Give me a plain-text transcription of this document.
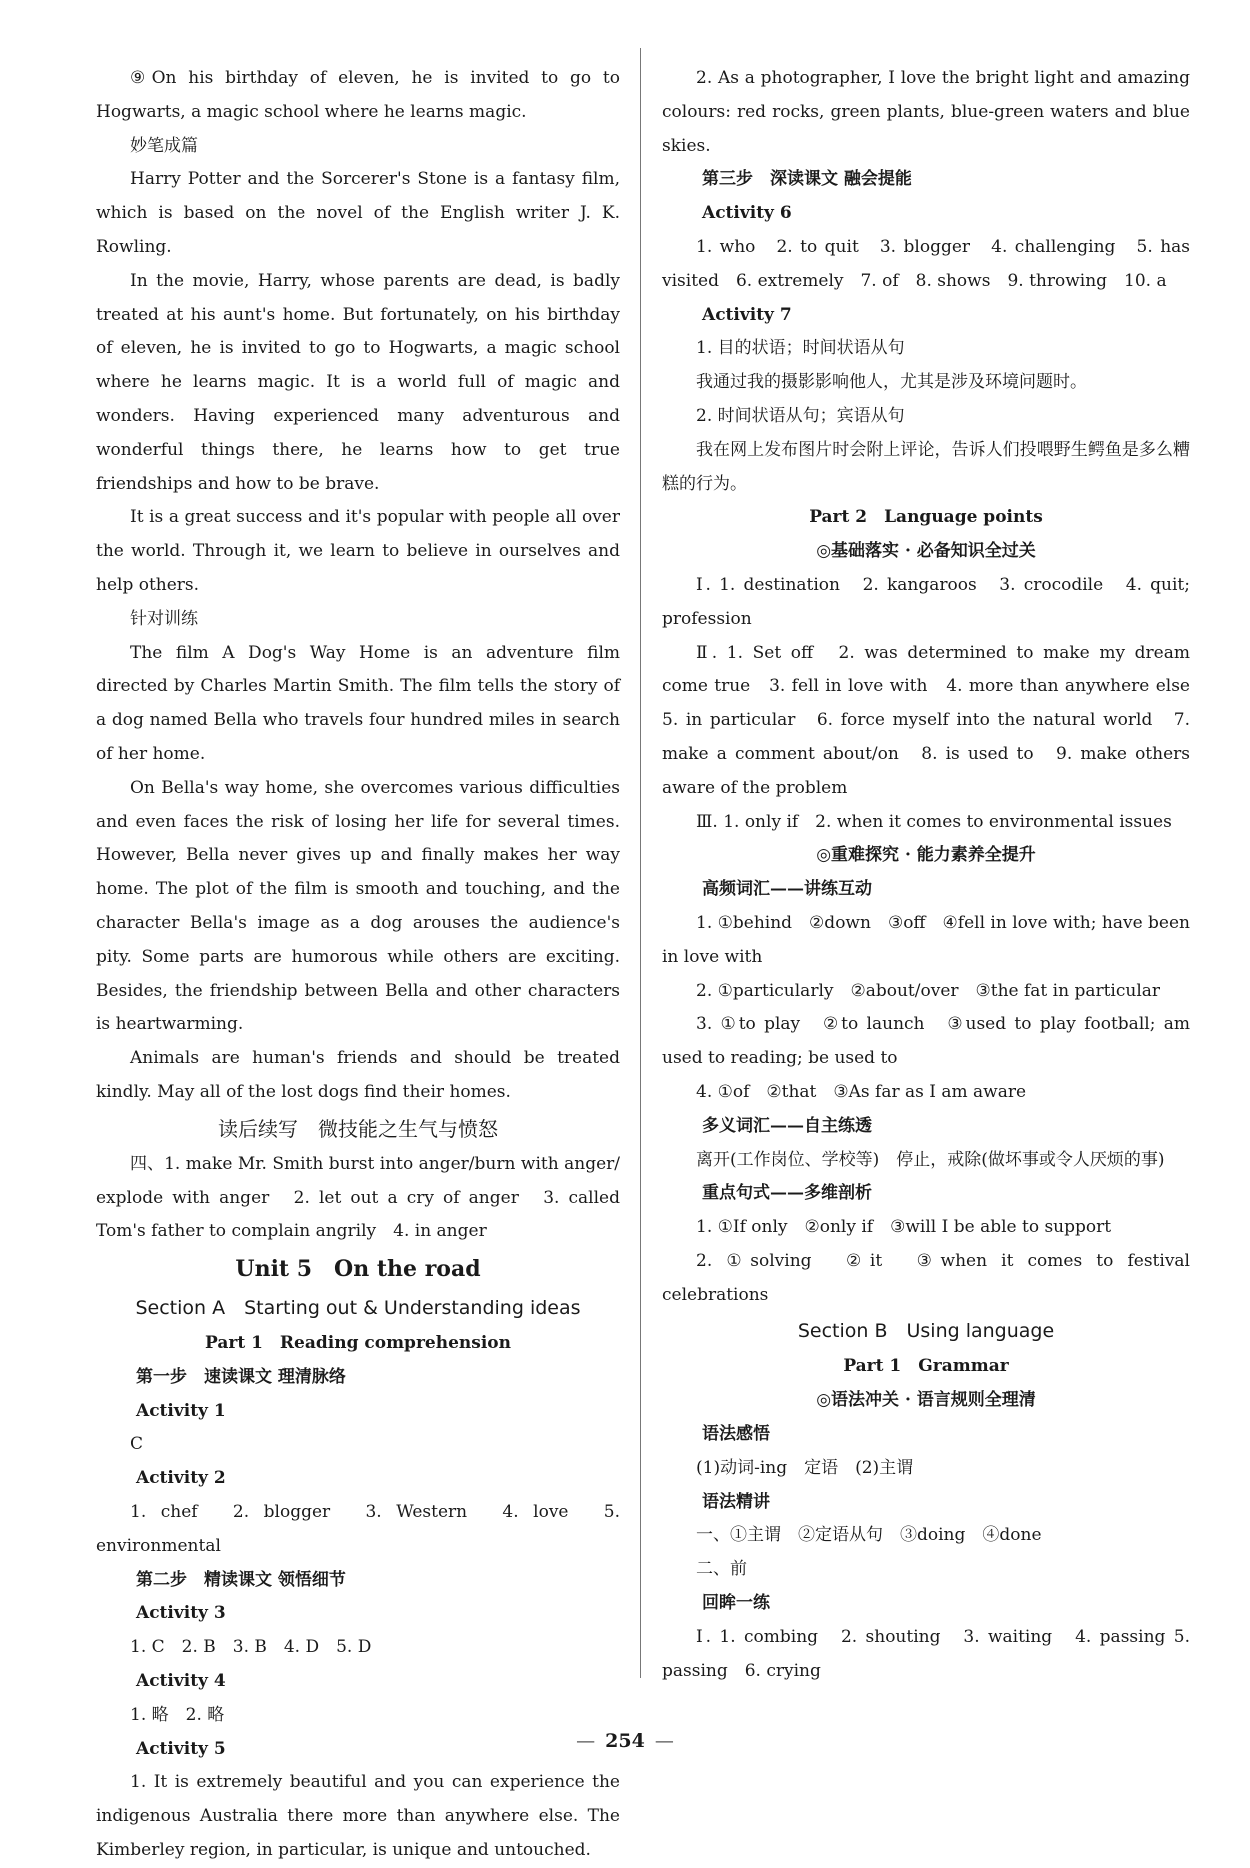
⑨On his birthday of eleven, he is invited to go to Hogwarts, a magic school where he learns magic.

妙笔成篇

Harry Potter and the Sorcerer's Stone is a fantasy film, which is based on the novel of the English writer J. K. Rowling.

In the movie, Harry, whose parents are dead, is badly treated at his aunt's home. But fortunately, on his birthday of eleven, he is invited to go to Hogwarts, a magic school where he learns magic. It is a world full of magic and wonders. Having experienced many adventurous and wonderful things there, he learns how to get true friendships and how to be brave.

It is a great success and it's popular with people all over the world. Through it, we learn to believe in ourselves and help others.

针对训练

The film A Dog's Way Home is an adventure film directed by Charles Martin Smith. The film tells the story of a dog named Bella who travels four hundred miles in search of her home.

On Bella's way home, she overcomes various difficulties and even faces the risk of losing her life for several times. However, Bella never gives up and finally makes her way home. The plot of the film is smooth and touching, and the character Bella's image as a dog arouses the audience's pity. Some parts are humorous while others are exciting. Besides, the friendship between Bella and other characters is heartwarming.

Animals are human's friends and should be treated kindly. May all of the lost dogs find their homes.

读后续写　微技能之生气与愤怒

四、1. make Mr. Smith burst into anger/burn with anger/ explode with anger　2. let out a cry of anger　3. called Tom's father to complain angrily　4. in anger

Unit 5　On the road

Section A　Starting out & Understanding ideas

Part 1　Reading comprehension

第一步　速读课文 理清脉络

Activity 1

C

Activity 2

1. chef　2. blogger　3. Western　4. love　5. environmental

第二步　精读课文 领悟细节

Activity 3

1. C　2. B　3. B　4. D　5. D

Activity 4

1. 略　2. 略

Activity 5

1. It is extremely beautiful and you can experience the indigenous Australia there more than anywhere else. The Kimberley region, in particular, is unique and untouched.

2. As a photographer, I love the bright light and amazing colours: red rocks, green plants, blue-green waters and blue skies.

第三步　深读课文 融会提能

Activity 6

1. who　2. to quit　3. blogger　4. challenging　5. has visited　6. extremely　7. of　8. shows　9. throwing　10. a

Activity 7

1. 目的状语；时间状语从句

我通过我的摄影影响他人，尤其是涉及环境问题时。

2. 时间状语从句；宾语从句

我在网上发布图片时会附上评论，告诉人们投喂野生鳄鱼是多么糟糕的行为。

Part 2　Language points

◎基础落实 · 必备知识全过关

Ⅰ. 1. destination　2. kangaroos　3. crocodile　4. quit; profession

Ⅱ. 1. Set off　2. was determined to make my dream come true　3. fell in love with　4. more than anywhere else　5. in particular　6. force myself into the natural world　7. make a comment about/on　8. is used to　9. make others aware of the problem

Ⅲ. 1. only if　2. when it comes to environmental issues

◎重难探究 · 能力素养全提升

高频词汇——讲练互动

1. ①behind　②down　③off　④fell in love with; have been in love with

2. ①particularly　②about/over　③the fat in particular

3. ①to play　②to launch　③used to play football; am used to reading; be used to

4. ①of　②that　③As far as I am aware

多义词汇——自主练透

离开(工作岗位、学校等)　停止，戒除(做坏事或令人厌烦的事)

重点句式——多维剖析

1. ①If only　②only if　③will I be able to support

2. ①solving　②it　③when it comes to festival celebrations

Section B　Using language

Part 1　Grammar

◎语法冲关 · 语言规则全理清

语法感悟

(1)动词-ing　定语　(2)主谓

语法精讲

一、①主谓　②定语从句　③doing　④done

二、前

回眸一练

Ⅰ. 1. combing　2. shouting　3. waiting　4. passing 5. passing　6. crying

— 254 —
